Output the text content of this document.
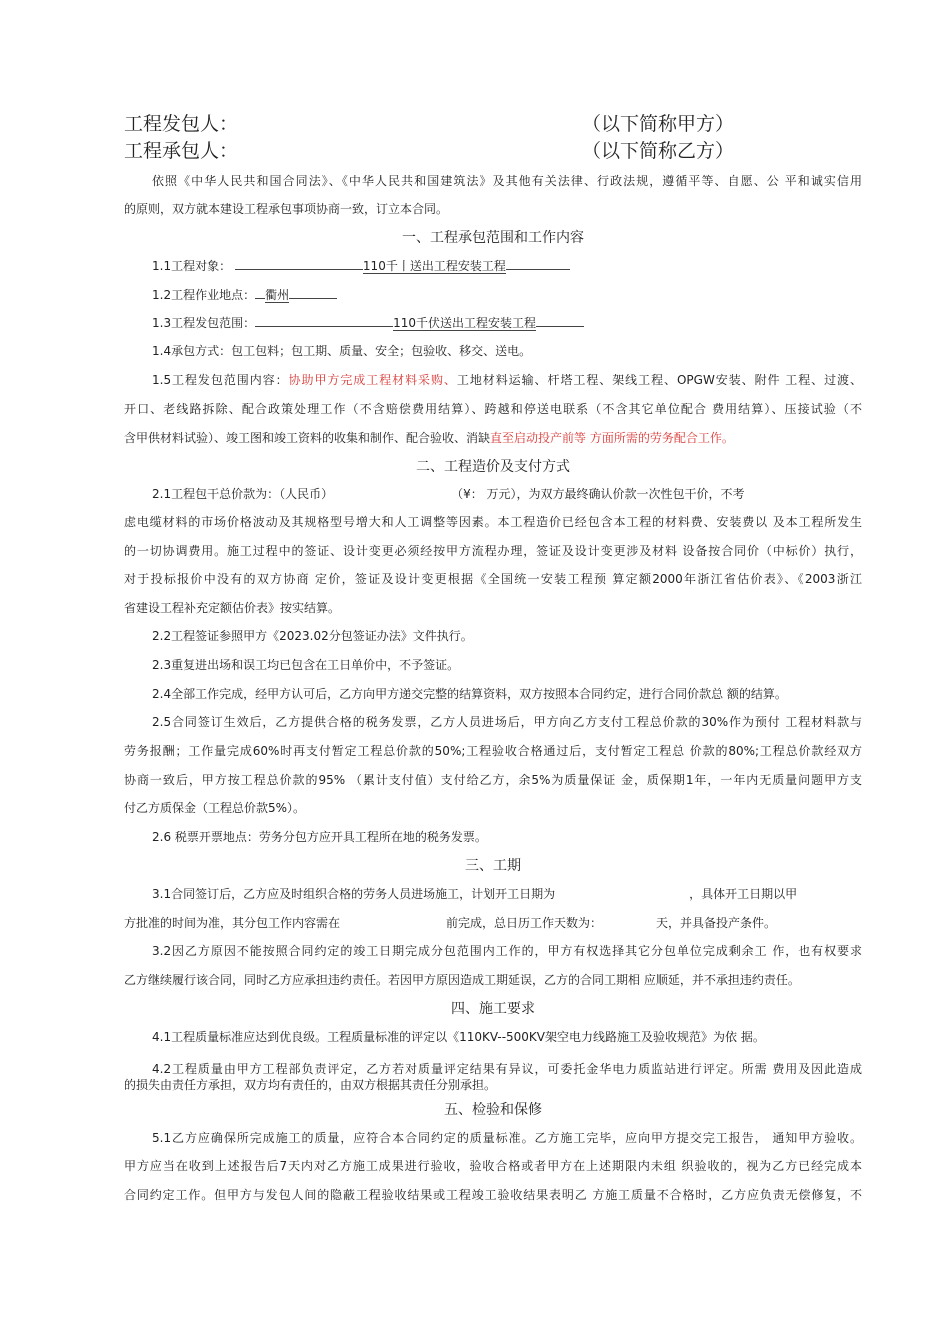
工程发包人：	（以下简称甲方）
工程承包人：	（以下简称乙方）
依照《中华人民共和国合同法》、《中华人民共和国建筑法》及其他有关法律、行政法规，遵循平等、自愿、公 平和诚实信用
的原则，双方就本建设工程承包事项协商一致，订立本合同。
一、工程承包范围和工作内容
1.1工程对象：	110千丨送出工程安装工程
1.2工程作业地点： 衢州
1.3工程发包范围：	110千伏送出工程安装工程
1.4承包方式：包工包料；包工期、质量、安全；包验收、移交、送电。
1.5工程发包范围内容：协助甲方完成工程材料采购、工地材料运输、杆塔工程、架线工程、OPGW安装、附件 工程、过渡、
开口、老线路拆除、配合政策处理工作（不含赔偿费用结算）、跨越和停送电联系（不含其它单位配合 费用结算）、压接试验（不
含甲供材料试验）、竣工图和竣工资料的收集和制作、配合验收、消缺直至启动投产前等 方面所需的劳务配合工作。
二、工程造价及支付方式
2.1工程包干总价款为：（人民币）	（¥： 万元），为双方最终确认价款一次性包干价，不考
虑电缆材料的市场价格波动及其规格型号增大和人工调整等因素。本工程造价已经包含本工程的材料费、安装费以 及本工程所发生
的一切协调费用。施工过程中的签证、设计变更必须经按甲方流程办理，签证及设计变更涉及材料 设备按合同价（中标价）执行，
对于投标报价中没有的双方协商 定价，签证及设计变更根据《全国统一安装工程预 算定额2000年浙江省估价表》、《2003浙江
省建设工程补充定额估价表》按实结算。
2.2工程签证参照甲方《2023.02分包签证办法》文件执行。
2.3重复进出场和误工均已包含在工日单价中，不予签证。
2.4全部工作完成，经甲方认可后，乙方向甲方递交完整的结算资料，双方按照本合同约定，进行合同价款总 额的结算。
2.5合同签订生效后，乙方提供合格的税务发票，乙方人员进场后，甲方向乙方支付工程总价款的30%作为预付 工程材料款与
劳务报酬；工作量完成60%时再支付暂定工程总价款的50%;工程验收合格通过后，支付暂定工程总 价款的80%;工程总价款经双方
协商一致后，甲方按工程总价款的95% （累计支付值）支付给乙方，余5%为质量保证 金，质保期1年，一年内无质量问题甲方支
付乙方质保金（工程总价款5%）。
2.6 税票开票地点：劳务分包方应开具工程所在地的税务发票。
三、工期
3.1合同签订后，乙方应及时组织合格的劳务人员进场施工，计划开工日期为	，具体开工日期以甲
方批准的时间为准，其分包工作内容需在	前完成，总日历工作天数为：	天，并具备投产条件。
3.2因乙方原因不能按照合同约定的竣工日期完成分包范围内工作的，甲方有权选择其它分包单位完成剩余工 作，也有权要求
乙方继续履行该合同，同时乙方应承担违约责任。若因甲方原因造成工期延误，乙方的合同工期相 应顺延，并不承担违约责任。
四、施工要求
4.1工程质量标准应达到优良级。工程质量标准的评定以《110KV--500KV架空电力线路施工及验收规范》为依 据。
4.2工程质量由甲方工程部负责评定，乙方若对质量评定结果有异议，可委托金华电力质监站进行评定。所需 费用及因此造成
的损失由责任方承担，双方均有责任的，由双方根据其责任分别承担。
五、检验和保修
5.1乙方应确保所完成施工的质量，应符合本合同约定的质量标准。乙方施工完毕，应向甲方提交完工报告， 通知甲方验收。
甲方应当在收到上述报告后7天内对乙方施工成果进行验收，验收合格或者甲方在上述期限内未组 织验收的，视为乙方已经完成本
合同约定工作。但甲方与发包人间的隐蔽工程验收结果或工程竣工验收结果表明乙 方施工质量不合格时，乙方应负责无偿修复，不
